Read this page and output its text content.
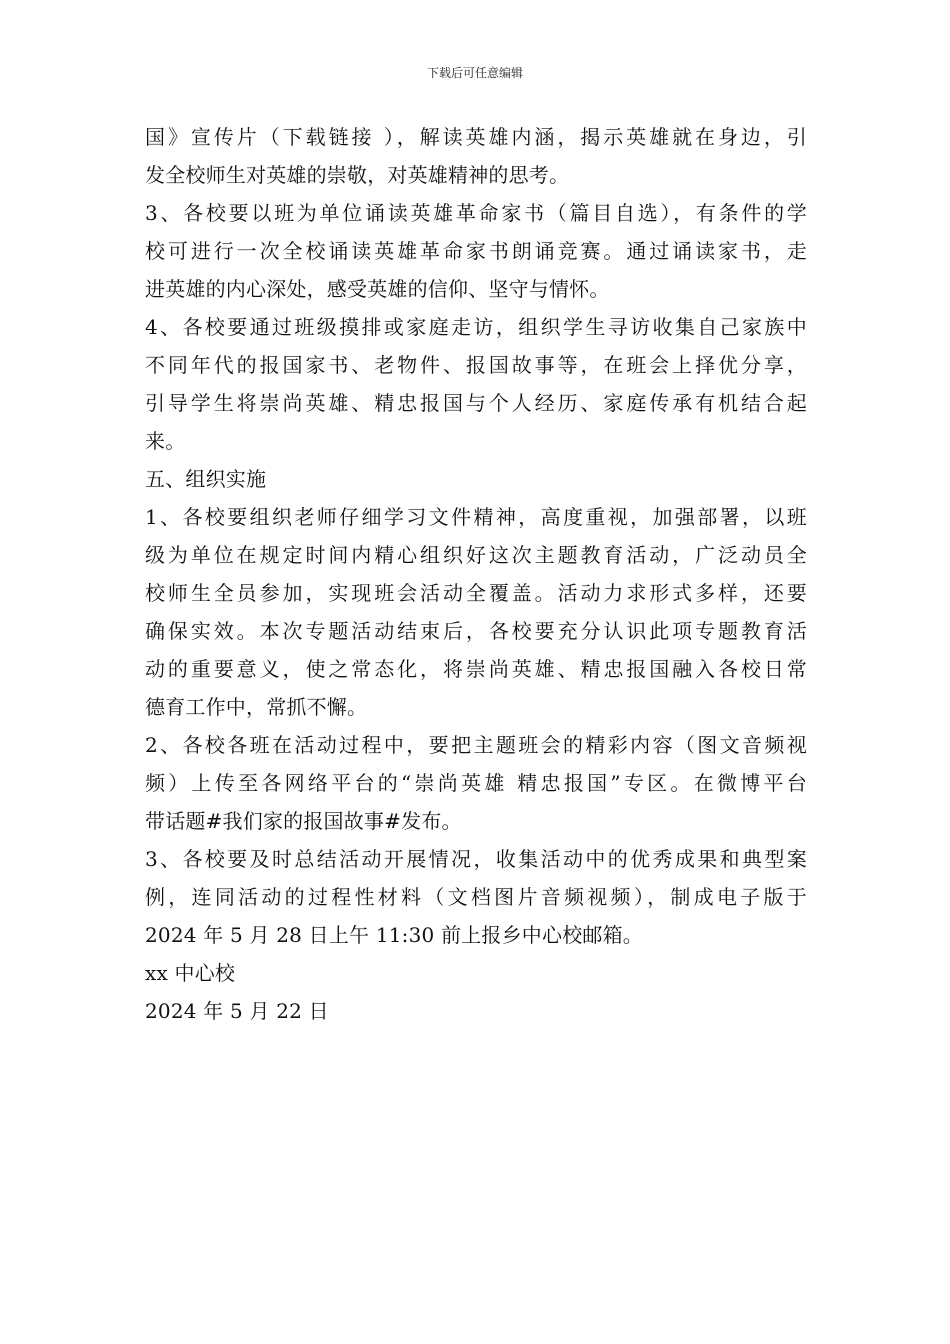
下载后可任意编辑
国》宣传片（下载链接 ），解读英雄内涵，揭示英雄就在身边，引
发全校师生对英雄的崇敬，对英雄精神的思考。
3、各校要以班为单位诵读英雄革命家书（篇目自选），有条件的学
校可进行一次全校诵读英雄革命家书朗诵竞赛。通过诵读家书，走
进英雄的内心深处，感受英雄的信仰、坚守与情怀。
4、各校要通过班级摸排或家庭走访，组织学生寻访收集自己家族中
不同年代的报国家书、老物件、报国故事等，在班会上择优分享，
引导学生将崇尚英雄、精忠报国与个人经历、家庭传承有机结合起
来。
五、组织实施
1、各校要组织老师仔细学习文件精神，高度重视，加强部署，以班
级为单位在规定时间内精心组织好这次主题教育活动，广泛动员全
校师生全员参加，实现班会活动全覆盖。活动力求形式多样，还要
确保实效。本次专题活动结束后，各校要充分认识此项专题教育活
动的重要意义，使之常态化，将崇尚英雄、精忠报国融入各校日常
德育工作中，常抓不懈。
2、各校各班在活动过程中，要把主题班会的精彩内容（图文音频视
频）上传至各网络平台的“崇尚英雄 精忠报国”专区。在微博平台
带话题#我们家的报国故事#发布。
3、各校要及时总结活动开展情况，收集活动中的优秀成果和典型案
例，连同活动的过程性材料（文档图片音频视频），制成电子版于
2024 年 5 月 28 日上午 11:30 前上报乡中心校邮箱。
xx 中心校
2024 年 5 月 22 日
